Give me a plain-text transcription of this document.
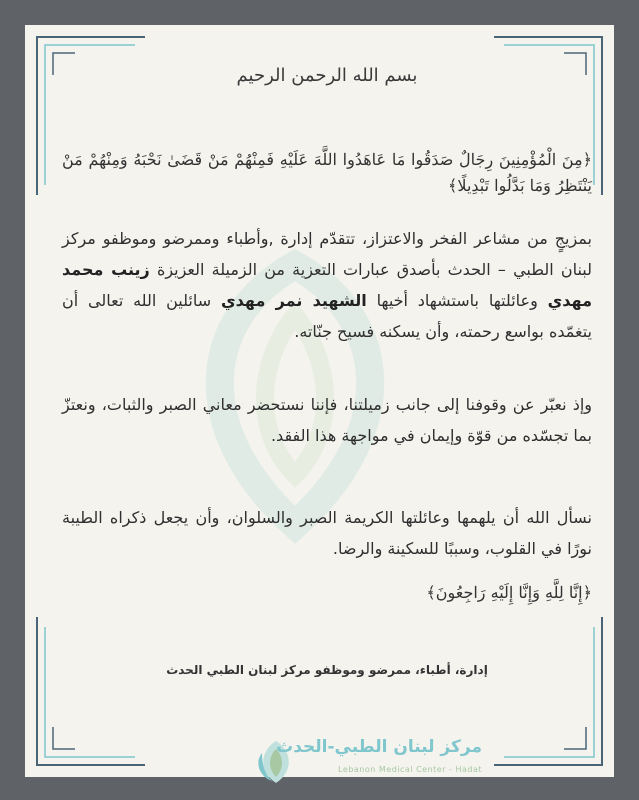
بسم الله الرحمن الرحيم

﴿مِنَ الْمُؤْمِنِينَ رِجَالٌ صَدَقُوا مَا عَاهَدُوا اللَّهَ عَلَيْهِ فَمِنْهُمْ مَنْ قَضَىٰ نَحْبَهُ وَمِنْهُمْ مَنْ يَنْتَظِرُ وَمَا بَدَّلُوا تَبْدِيلًا﴾

بمزيجٍ من مشاعر الفخر والاعتزاز، تتقدّم إدارة ,وأطباء وممرضو وموظفو مركز لبنان الطبي – الحدث بأصدق عبارات التعزية من الزميلة العزيزة زينب محمد مهدي وعائلتها باستشهاد أخيها الشهيد نمر مهدي سائلين الله تعالى أن يتغمّده بواسع رحمته، وأن يسكنه فسيح جنّاته.

وإذ نعبّر عن وقوفنا إلى جانب زميلتنا، فإننا نستحضر معاني الصبر والثبات، ونعتزّ بما تجسّده من قوّة وإيمان في مواجهة هذا الفقد.

نسأل الله أن يلهمها وعائلتها الكريمة الصبر والسلوان، وأن يجعل ذكراه الطيبة نورًا في القلوب، وسببًا للسكينة والرضا.

﴿إِنَّا لِلَّهِ وَإِنَّا إِلَيْهِ رَاجِعُونَ﴾

إدارة، أطباء، ممرضو وموظفو مركز لبنان الطبي الحدث

مركز لبنان الطبي-الحدث
Lebanon Medical Center - Hadat
